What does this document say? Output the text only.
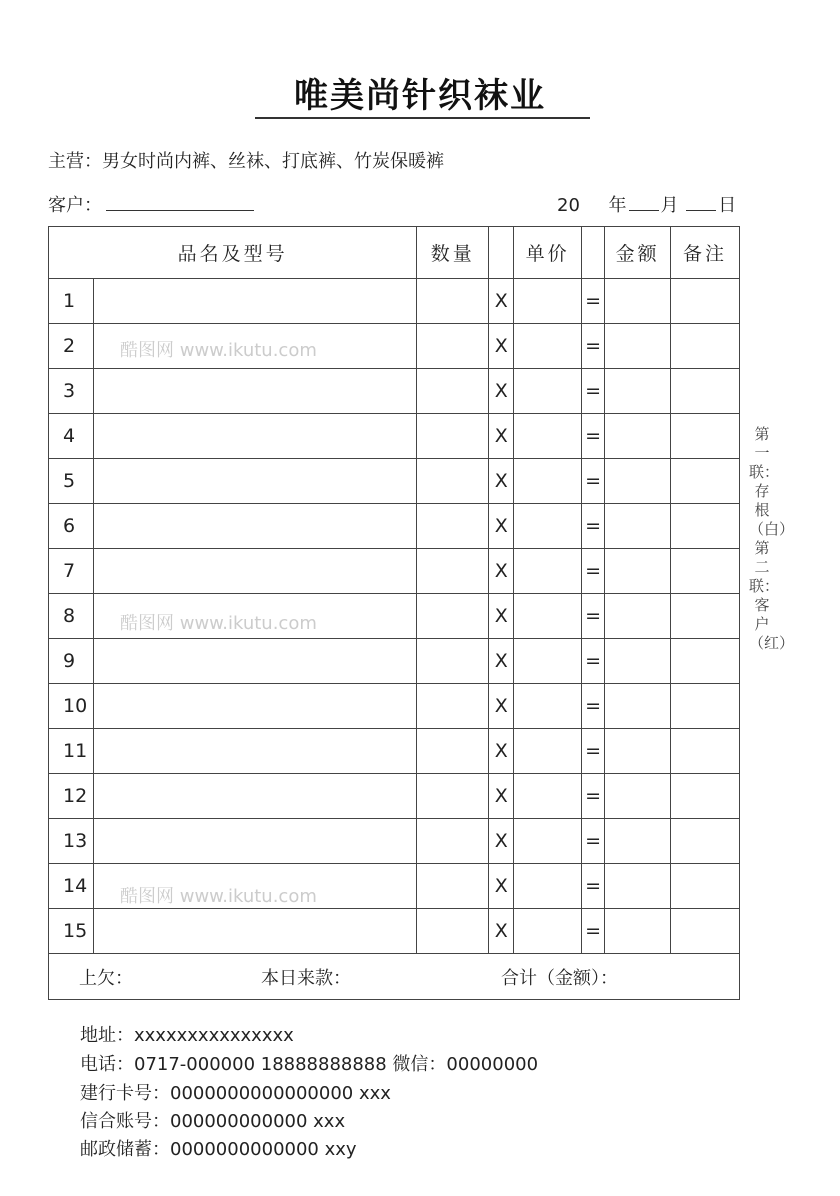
唯美尚针织袜业
主营：男女时尚内裤、丝袜、打底裤、竹炭保暖裤
客户：	20 年 月 日
品名及型号		数量		单价		金额	备注
1			X		=		
2			X		=		
3			X		=		
4			X		=		
5			X		=		
6			X		=		
7			X		=		
8			X		=		
9			X		=		
10			X		=		
11			X		=		
12			X		=		
13			X		=		
14			X		=		
15			X		=		

上欠： 本日来款： 合计（金额）：							
第一联：存根（白） 第二联：客户（红）
地址：xxxxxxxxxxxxxxx
电话：0717-000000 18888888888 微信：00000000
建行卡号：0000000000000000 xxx
信合账号：000000000000 xxx
邮政储蓄：0000000000000 xxy
酷图网 www.ikutu.com
酷图网 www.ikutu.com
酷图网 www.ikutu.com
